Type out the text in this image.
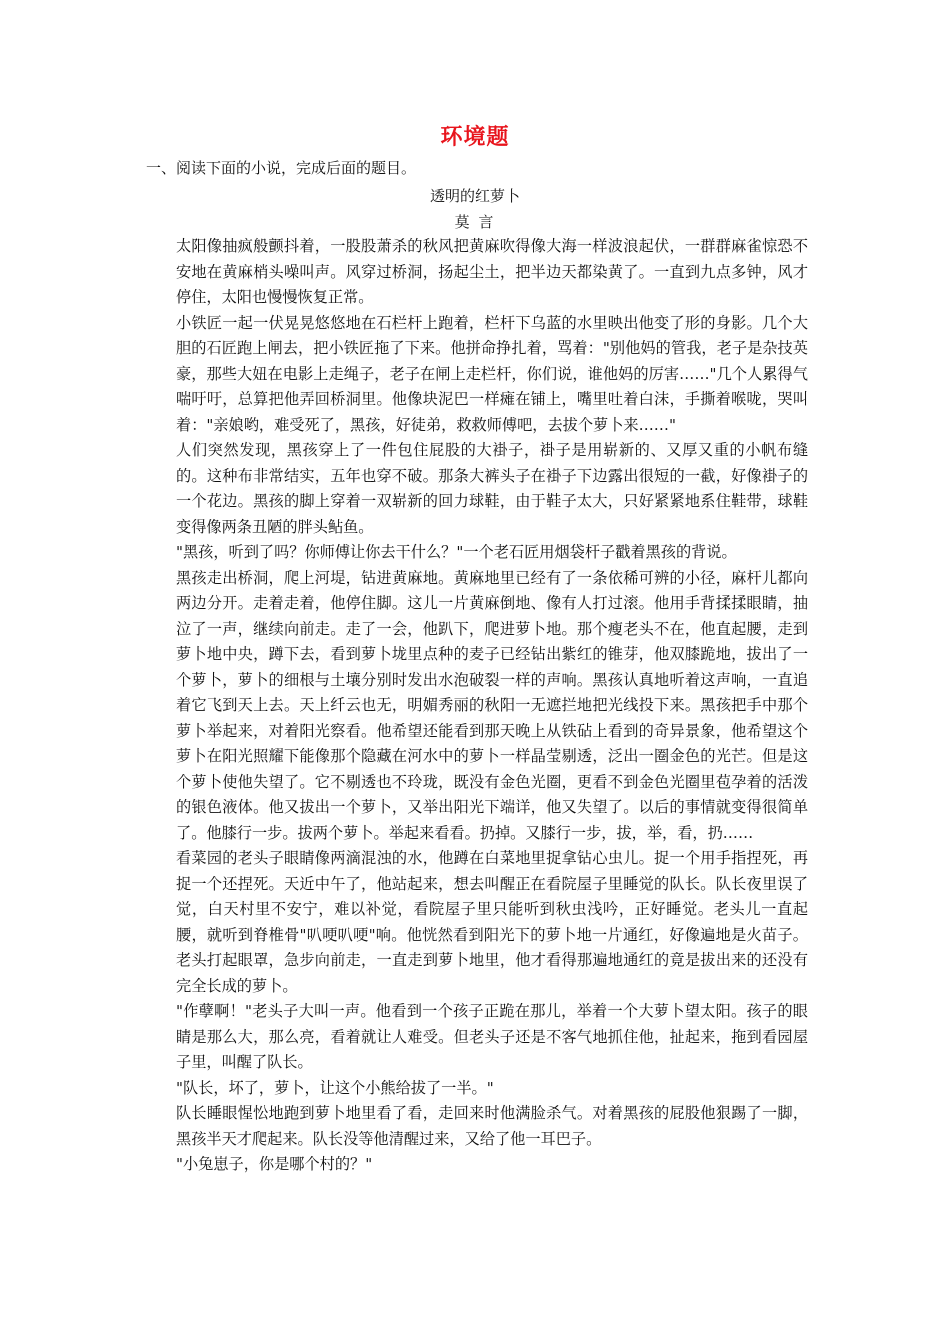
环境题
一、阅读下面的小说，完成后面的题目。
透明的红萝卜
莫 言

太阳像抽疯般颤抖着，一股股萧杀的秋风把黄麻吹得像大海一样波浪起伏，一群群麻雀惊恐不安地在黄麻梢头噪叫声。风穿过桥洞，扬起尘土，把半边天都染黄了。一直到九点多钟，风才停住，太阳也慢慢恢复正常。

小铁匠一起一伏晃晃悠悠地在石栏杆上跑着，栏杆下乌蓝的水里映出他变了形的身影。几个大胆的石匠跑上闸去，把小铁匠拖了下来。他拼命挣扎着，骂着："别他妈的管我，老子是杂技英豪，那些大妞在电影上走绳子，老子在闸上走栏杆，你们说，谁他妈的厉害……"几个人累得气喘吁吁，总算把他弄回桥洞里。他像块泥巴一样瘫在铺上，嘴里吐着白沫，手撕着喉咙，哭叫着："亲娘哟，难受死了，黑孩，好徒弟，救救师傅吧，去拔个萝卜来……"

人们突然发现，黑孩穿上了一件包住屁股的大褂子，褂子是用崭新的、又厚又重的小帆布缝的。这种布非常结实，五年也穿不破。那条大裤头子在褂子下边露出很短的一截，好像褂子的一个花边。黑孩的脚上穿着一双崭新的回力球鞋，由于鞋子太大，只好紧紧地系住鞋带，球鞋变得像两条丑陋的胖头鲇鱼。

"黑孩，听到了吗？你师傅让你去干什么？"一个老石匠用烟袋杆子戳着黑孩的背说。

黑孩走出桥洞，爬上河堤，钻进黄麻地。黄麻地里已经有了一条依稀可辨的小径，麻杆儿都向两边分开。走着走着，他停住脚。这儿一片黄麻倒地、像有人打过滚。他用手背揉揉眼睛，抽泣了一声，继续向前走。走了一会，他趴下，爬进萝卜地。那个瘦老头不在，他直起腰，走到萝卜地中央，蹲下去，看到萝卜垅里点种的麦子已经钻出紫红的锥芽，他双膝跪地，拔出了一个萝卜，萝卜的细根与土壤分别时发出水泡破裂一样的声响。黑孩认真地听着这声响，一直追着它飞到天上去。天上纤云也无，明媚秀丽的秋阳一无遮拦地把光线投下来。黑孩把手中那个萝卜举起来，对着阳光察看。他希望还能看到那天晚上从铁砧上看到的奇异景象，他希望这个萝卜在阳光照耀下能像那个隐藏在河水中的萝卜一样晶莹剔透，泛出一圈金色的光芒。但是这个萝卜使他失望了。它不剔透也不玲珑，既没有金色光圈，更看不到金色光圈里苞孕着的活泼的银色液体。他又拔出一个萝卜，又举出阳光下端详，他又失望了。以后的事情就变得很简单了。他膝行一步。拔两个萝卜。举起来看看。扔掉。又膝行一步，拔，举，看，扔……

看菜园的老头子眼睛像两滴混浊的水，他蹲在白菜地里捉拿钻心虫儿。捉一个用手指捏死，再捉一个还捏死。天近中午了，他站起来，想去叫醒正在看院屋子里睡觉的队长。队长夜里误了觉，白天村里不安宁，难以补觉，看院屋子里只能听到秋虫浅吟，正好睡觉。老头儿一直起腰，就听到脊椎骨"叭哽叭哽"响。他恍然看到阳光下的萝卜地一片通红，好像遍地是火苗子。老头打起眼罩，急步向前走，一直走到萝卜地里，他才看得那遍地通红的竟是拔出来的还没有完全长成的萝卜。

"作孽啊！"老头子大叫一声。他看到一个孩子正跪在那儿，举着一个大萝卜望太阳。孩子的眼睛是那么大，那么亮，看着就让人难受。但老头子还是不客气地抓住他，扯起来，拖到看园屋子里，叫醒了队长。

"队长，坏了，萝卜，让这个小熊给拔了一半。"

队长睡眼惺忪地跑到萝卜地里看了看，走回来时他满脸杀气。对着黑孩的屁股他狠踢了一脚，黑孩半天才爬起来。队长没等他清醒过来，又给了他一耳巴子。

"小兔崽子，你是哪个村的？"
